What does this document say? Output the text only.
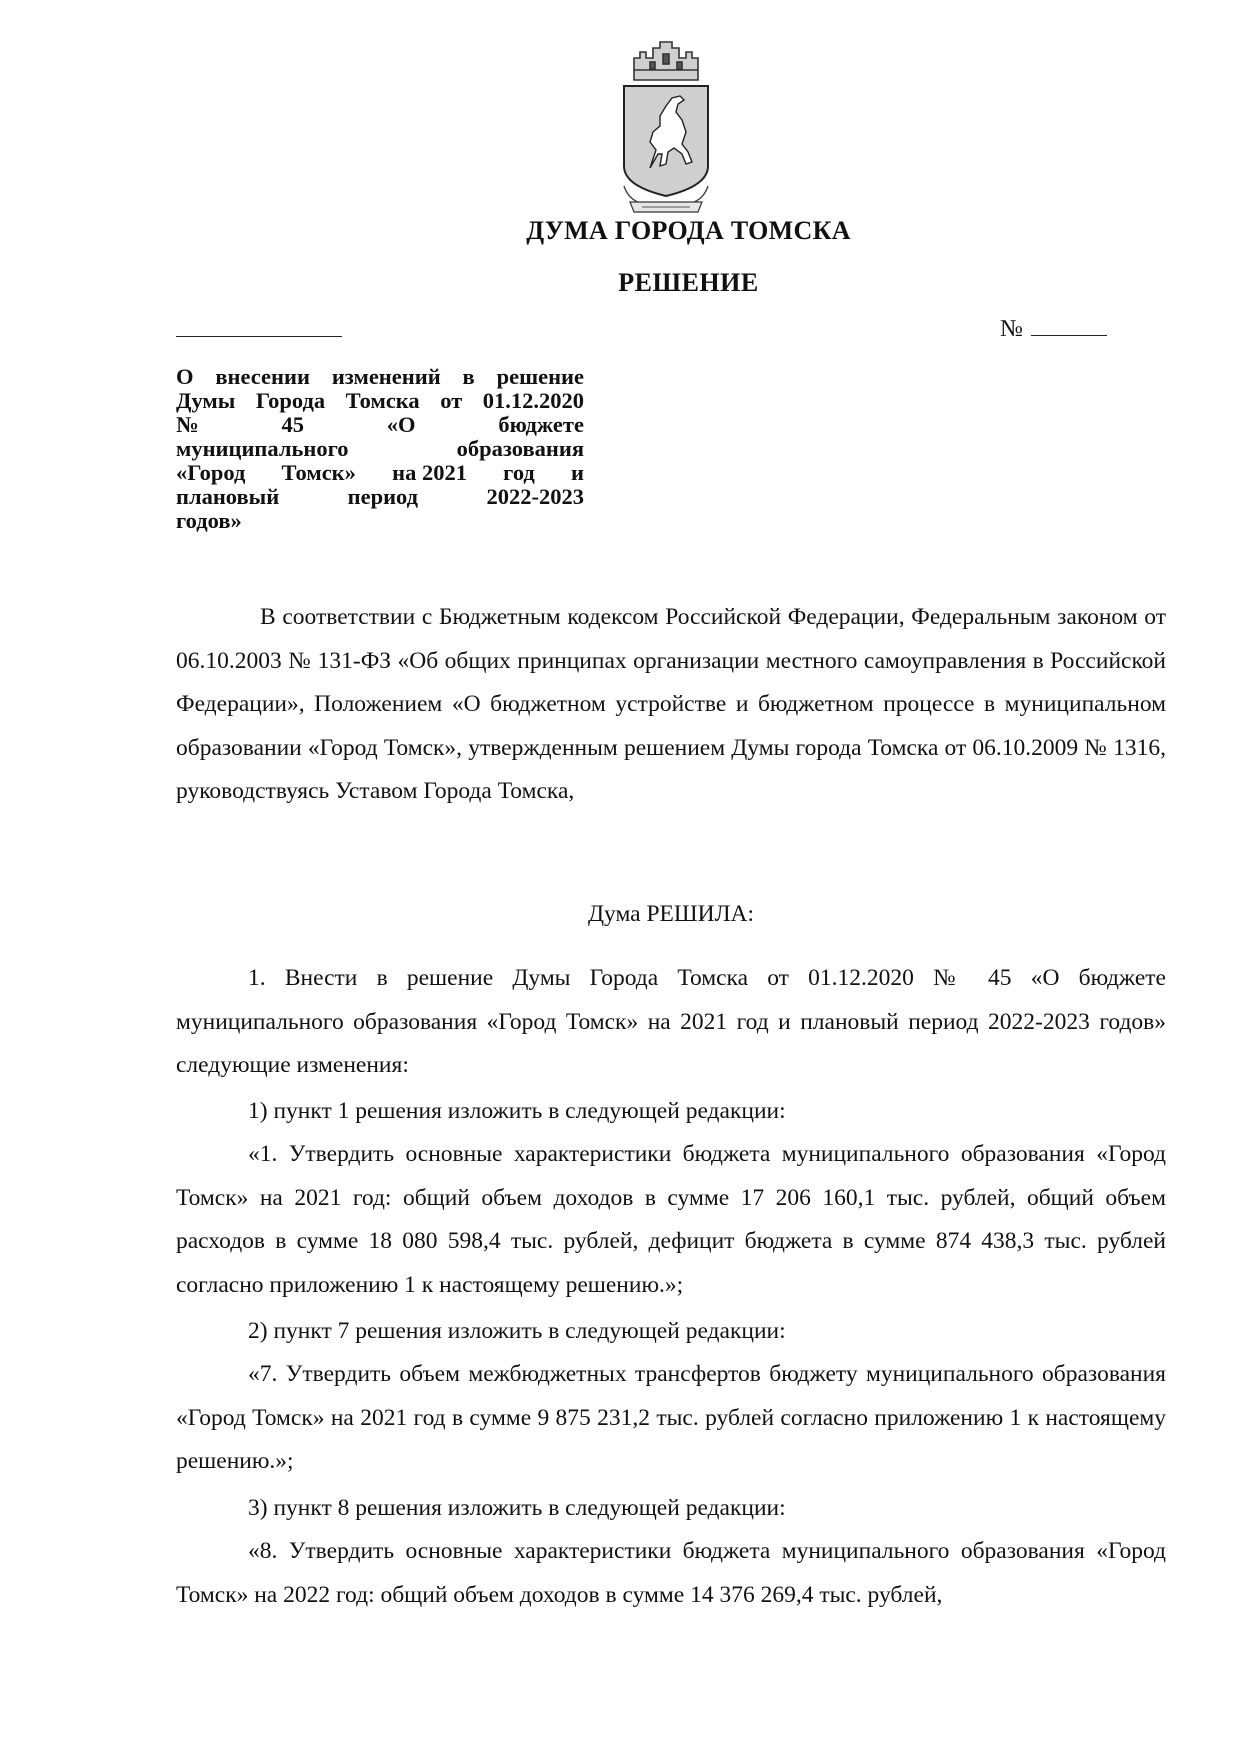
ДУМА ГОРОДА ТОМСКА
РЕШЕНИЕ
№
О внесении изменений в решение
Думы Города Томска от 01.12.2020
№	45	«О	бюджете
муниципального	образования
«Город Томск» на 2021 год и
плановый	период	2022-2023
годов»

В соответствии с Бюджетным кодексом Российской Федерации, Федеральным законом от 06.10.2003 № 131-ФЗ «Об общих принципах организации местного самоуправления в Российской Федерации», Положением «О бюджетном устройстве и бюджетном процессе в муниципальном образовании «Город Томск», утвержденным решением Думы города Томска от 06.10.2009 № 1316, руководствуясь Уставом Города Томска,

Дума РЕШИЛА:

1. Внести в решение Думы Города Томска от 01.12.2020 № 45 «О бюджете муниципального образования «Город Томск» на 2021 год и плановый период 2022-2023 годов» следующие изменения:

1) пункт 1 решения изложить в следующей редакции:

«1. Утвердить основные характеристики бюджета муниципального образования «Город Томск» на 2021 год: общий объем доходов в сумме 17 206 160,1 тыс. рублей, общий объем расходов в сумме 18 080 598,4 тыс. рублей, дефицит бюджета в сумме 874 438,3 тыс. рублей согласно приложению 1 к настоящему решению.»;

2) пункт 7 решения изложить в следующей редакции:

«7. Утвердить объем межбюджетных трансфертов бюджету муниципального образования «Город Томск» на 2021 год в сумме 9 875 231,2 тыс. рублей согласно приложению 1 к настоящему решению.»;

3) пункт 8 решения изложить в следующей редакции:

«8. Утвердить основные характеристики бюджета муниципального образования «Город Томск» на 2022 год: общий объем доходов в сумме 14 376 269,4 тыс. рублей,
